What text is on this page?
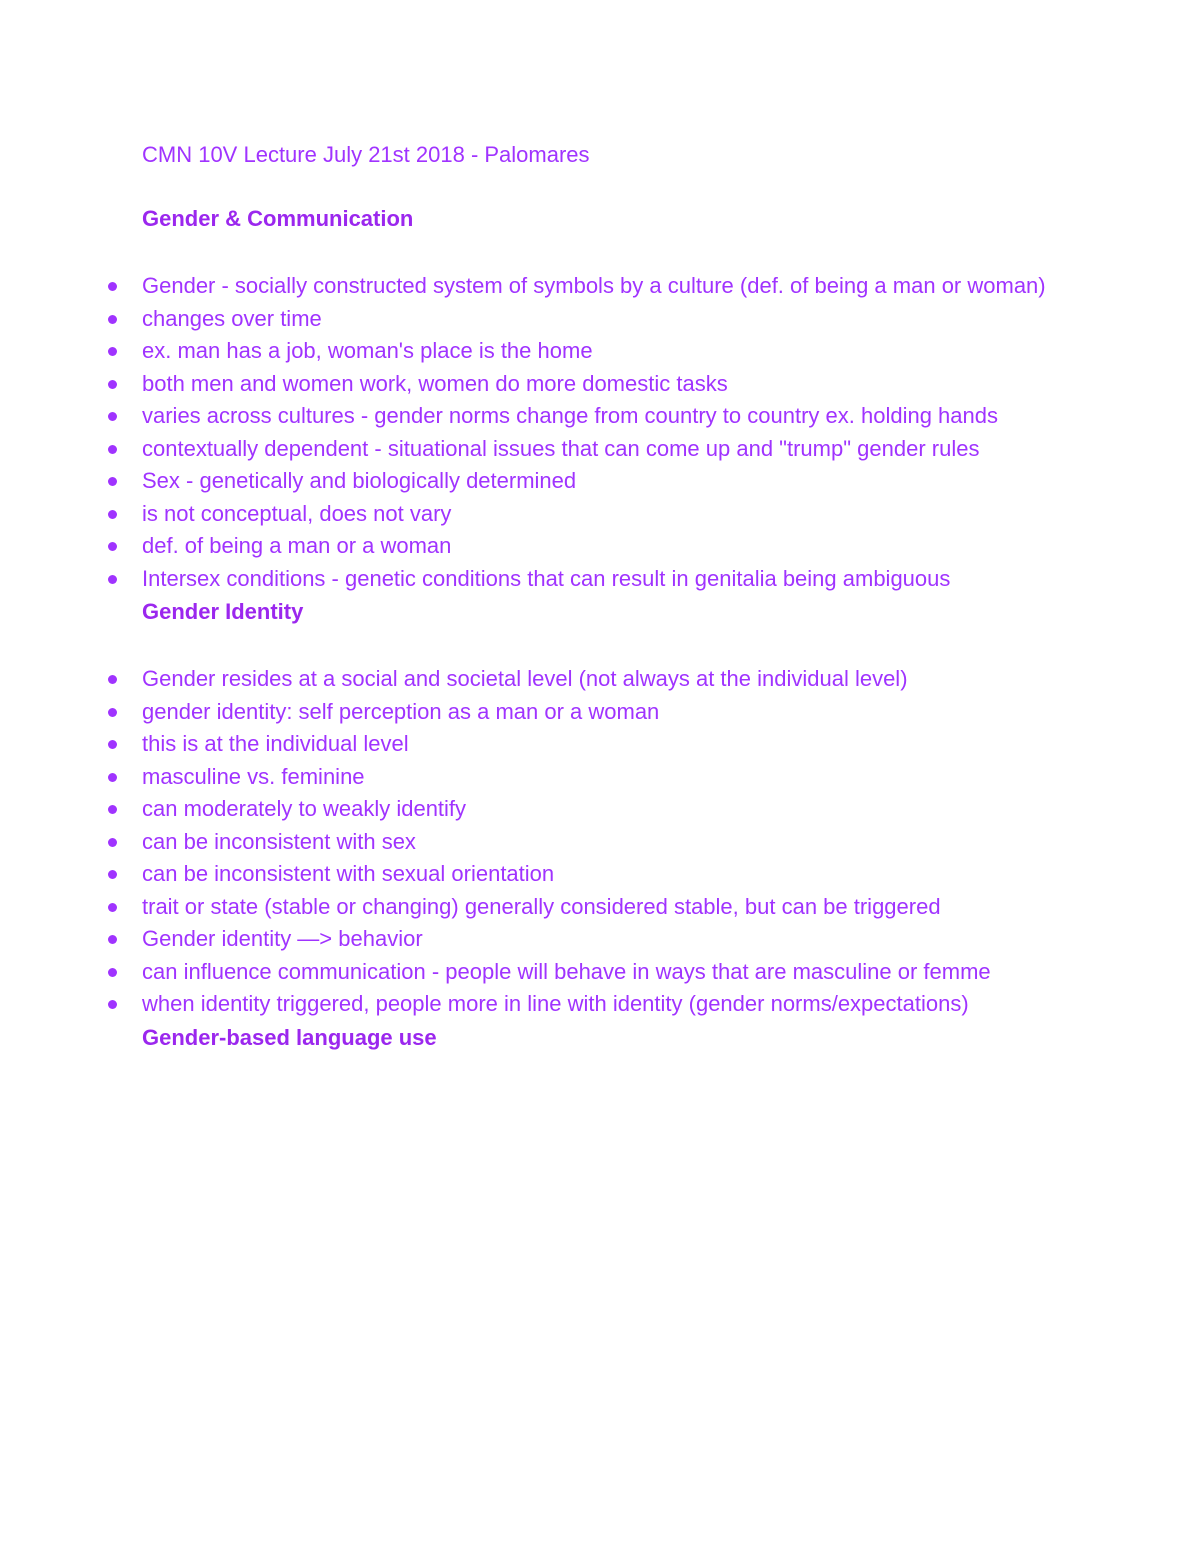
CMN 10V Lecture July 21st 2018 - Palomares
Gender & Communication
Gender - socially constructed system of symbols by a culture (def. of being a man or woman)
changes over time
ex. man has a job, woman's place is the home
both men and women work, women do more domestic tasks
varies across cultures - gender norms change from country to country ex. holding hands
contextually dependent - situational issues that can come up and "trump" gender rules
Sex - genetically and biologically determined
is not conceptual, does not vary
def. of being a man or a woman
Intersex conditions - genetic conditions that can result in genitalia being ambiguous
Gender Identity
Gender resides at a social and societal level (not always at the individual level)
gender identity: self perception as a man or a woman
this is at the individual level
masculine vs. feminine
can moderately to weakly identify
can be inconsistent with sex
can be inconsistent with sexual orientation
trait or state (stable or changing) generally considered stable, but can be triggered
Gender identity —> behavior
can influence communication - people will behave in ways that are masculine or femme
when identity triggered, people more in line with identity (gender norms/expectations)
Gender-based language use
